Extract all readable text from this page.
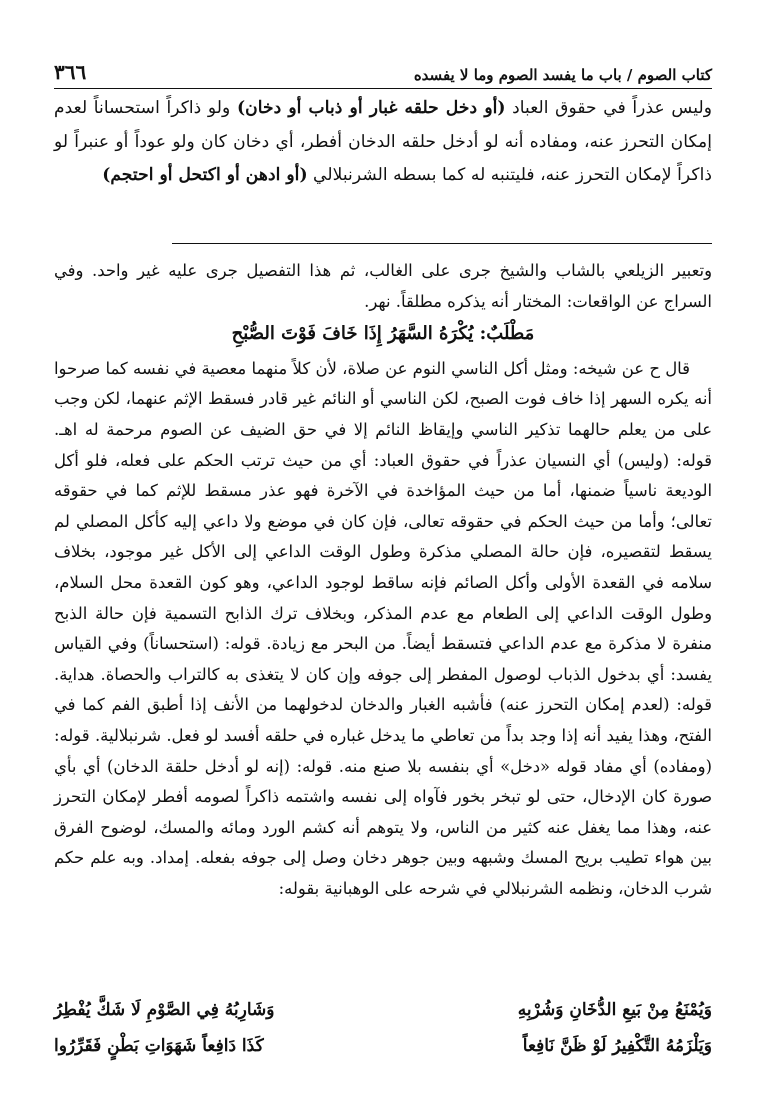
كتاب الصوم / باب ما يفسد الصوم وما لا يفسده
٣٦٦
وليس عذراً في حقوق العباد (أو دخل حلقه غبار أو ذباب أو دخان) ولو ذاكراً استحساناً لعدم إمكان التحرز عنه، ومفاده أنه لو أدخل حلقه الدخان أفطر، أي دخان كان ولو عوداً أو عنبراً لو ذاكراً لإمكان التحرز عنه، فليتنبه له كما بسطه الشرنبلالي (أو ادهن أو اكتحل أو احتجم)

وتعبير الزيلعي بالشاب والشيخ جرى على الغالب، ثم هذا التفصيل جرى عليه غير واحد. وفي السراج عن الواقعات: المختار أنه يذكره مطلقاً. نهر.

مَطْلَبٌ: يُكْرَهُ السَّهَرُ إِذَا خَافَ فَوْتَ الصُّبْحِ

قال ح عن شيخه: ومثل أكل الناسي النوم عن صلاة، لأن كلاً منهما معصية في نفسه كما صرحوا أنه يكره السهر إذا خاف فوت الصبح، لكن الناسي أو النائم غير قادر فسقط الإثم عنهما، لكن وجب على من يعلم حالهما تذكير الناسي وإيقاظ النائم إلا في حق الضيف عن الصوم مرحمة له اهـ. قوله: (وليس) أي النسيان عذراً في حقوق العباد: أي من حيث ترتب الحكم على فعله، فلو أكل الوديعة ناسياً ضمنها، أما من حيث المؤاخدة في الآخرة فهو عذر مسقط للإثم كما في حقوقه تعالى؛ وأما من حيث الحكم في حقوقه تعالى، فإن كان في موضع ولا داعي إليه كأكل المصلي لم يسقط لتقصيره، فإن حالة المصلي مذكرة وطول الوقت الداعي إلى الأكل غير موجود، بخلاف سلامه في القعدة الأولى وأكل الصائم فإنه ساقط لوجود الداعي، وهو كون القعدة محل السلام، وطول الوقت الداعي إلى الطعام مع عدم المذكر، وبخلاف ترك الذابح التسمية فإن حالة الذبح منفرة لا مذكرة مع عدم الداعي فتسقط أيضاً. من البحر مع زيادة. قوله: (استحساناً) وفي القياس يفسد: أي بدخول الذباب لوصول المفطر إلى جوفه وإن كان لا يتغذى به كالتراب والحصاة. هداية. قوله: (لعدم إمكان التحرز عنه) فأشبه الغبار والدخان لدخولهما من الأنف إذا أطبق الفم كما في الفتح، وهذا يفيد أنه إذا وجد بداً من تعاطي ما يدخل غباره في حلقه أفسد لو فعل. شرنبلالية. قوله: (ومفاده) أي مفاد قوله «دخل» أي بنفسه بلا صنع منه. قوله: (إنه لو أدخل حلقة الدخان) أي بأي صورة كان الإدخال، حتى لو تبخر بخور فآواه إلى نفسه واشتمه ذاكراً لصومه أفطر لإمكان التحرز عنه، وهذا مما يغفل عنه كثير من الناس، ولا يتوهم أنه كشم الورد ومائه والمسك، لوضوح الفرق بين هواء تطيب بريح المسك وشبهه وبين جوهر دخان وصل إلى جوفه بفعله. إمداد. وبه علم حكم شرب الدخان، ونظمه الشرنبلالي في شرحه على الوهبانية بقوله:

وَيُمْنَعُ مِنْ بَيعِ الدُّخَانِ وَشُرْبِهِ
وَشَارِبُهُ فِي الصَّوْمِ لَا شَكَّ يُفْطِرُ
وَيَلْزَمُهُ التَّكْفِيرُ لَوْ ظَنَّ نَافِعاً
كَذَا دَافِعاً شَهَوَاتِ بَطْنٍ فَقَرِّرُوا
